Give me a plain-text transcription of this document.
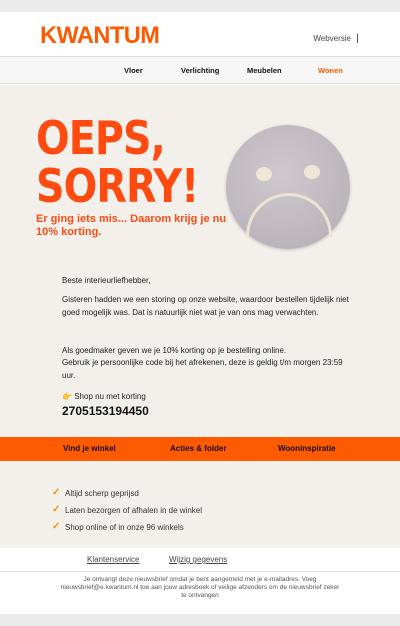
KWANTUM	Webversie
Vloer	Verlichting	Meubelen	Wonen
OEPS,
SORRY!
Er ging iets mis... Daarom krijg je nu 10% korting.
Beste interieurliefhebber,
Gisteren hadden we een storing op onze website, waardoor bestellen tijdelijk niet goed mogelijk was. Dat is natuurlijk niet wat je van ons mag verwachten.
Als goedmaker geven we je 10% korting op je bestelling online.
Gebruik je persoonlijke code bij het afrekenen, deze is geldig t/m morgen 23:59 uur.
👉 Shop nu met korting
2705153194450
Vind je winkel	Acties & folder	Wooninspiratie
✓ Altijd scherp geprijsd
✓ Laten bezorgen of afhalen in de winkel
✓ Shop online of in onze 96 winkels
Klantenservice	Wijzig gegevens
Je ontvangt deze nieuwsbrief omdat je bent aangemeld met je e-mailadres. Voeg nieuwsbrief@e.kwantum.nl toe aan jouw adresboek of veilige afzenders om de nieuwsbrief zeker te ontvangen
